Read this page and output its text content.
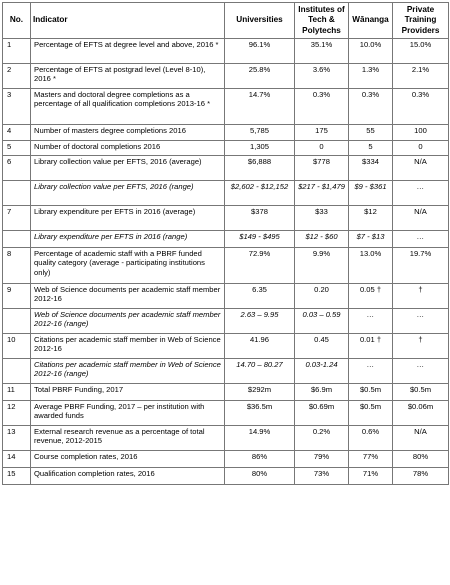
No.	Indicator	Universities	Institutes of Tech & Polytechs	Wānanga	Private Training Providers
1	Percentage of EFTS at degree level and above, 2016 *	96.1%	35.1%	10.0%	15.0%
2	Percentage of EFTS at postgrad level (Level 8-10), 2016 *	25.8%	3.6%	1.3%	2.1%
3	Masters and doctoral degree completions as a percentage of all qualification completions 2013-16 *	14.7%	0.3%	0.3%	0.3%
4	Number of masters degree completions 2016	5,785	175	55	100
5	Number of doctoral completions 2016	1,305	0	5	0
6	Library collection value per EFTS, 2016 (average)	$6,888	$778	$334	N/A
	Library collection value per EFTS, 2016 (range)	$2,602 - $12,152	$217 - $1,479	$9 - $361	…
7	Library expenditure per EFTS in 2016 (average)	$378	$33	$12	N/A
	Library expenditure per EFTS in 2016 (range)	$149 - $495	$12 - $60	$7 - $13	…
8	Percentage of academic staff with a PBRF funded quality category (average - participating institutions only)	72.9%	9.9%	13.0%	19.7%
9	Web of Science documents per academic staff member 2012-16	6.35	0.20	0.05 †	†
	Web of Science documents per academic staff member 2012-16 (range)	2.63 – 9.95	0.03 – 0.59	…	…
10	Citations per academic staff member in Web of Science 2012-16	41.96	0.45	0.01 †	†
	Citations per academic staff member in Web of Science 2012-16 (range)	14.70 – 80.27	0.03-1.24	…	…
11	Total PBRF Funding, 2017	$292m	$6.9m	$0.5m	$0.5m
12	Average PBRF Funding, 2017 – per institution with awarded funds	$36.5m	$0.69m	$0.5m	$0.06m
13	External research revenue as a percentage of total revenue, 2012-2015	14.9%	0.2%	0.6%	N/A
14	Course completion rates, 2016	86%	79%	77%	80%
15	Qualification completion rates, 2016	80%	73%	71%	78%
